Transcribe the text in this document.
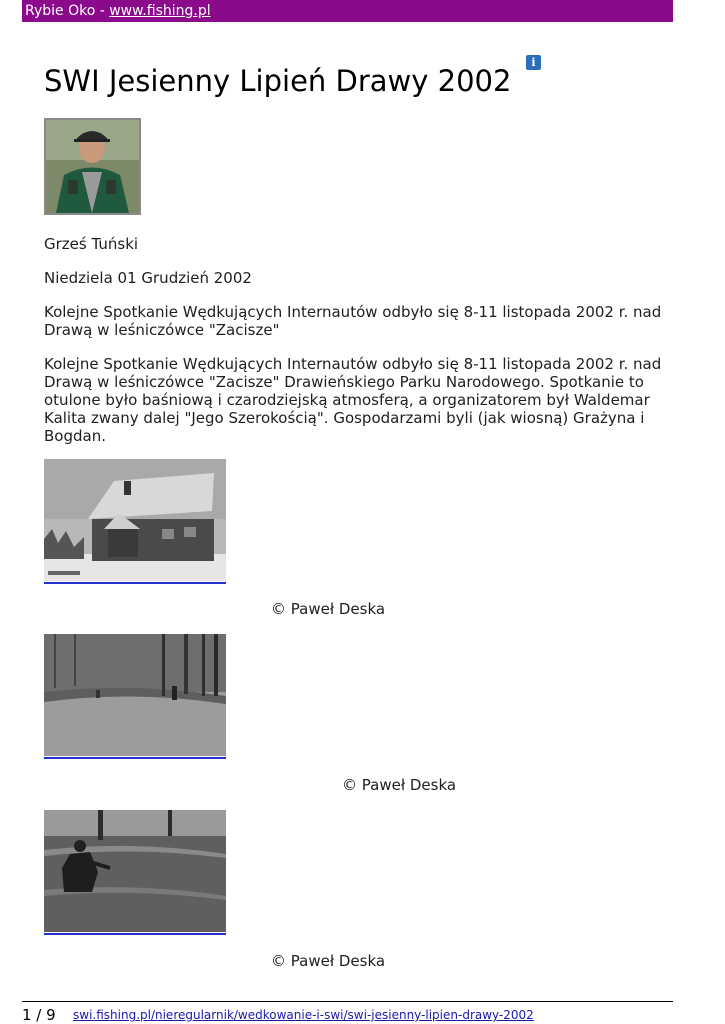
Rybie Oko - www.fishing.pl
SWI Jesienny Lipień Drawy 2002
i

Grześ Tuński

Niedziela 01 Grudzień 2002

Kolejne Spotkanie Wędkujących Internautów odbyło się 8-11 listopada 2002 r. nad Drawą w leśniczówce "Zacisze"

Kolejne Spotkanie Wędkujących Internautów odbyło się 8-11 listopada 2002 r. nad Drawą w leśniczówce "Zacisze" Drawieńskiego Parku Narodowego. Spotkanie to otulone było baśniową i czarodziejską atmosferą, a organizatorem był Waldemar Kalita zwany dalej "Jego Szerokością". Gospodarzami byli (jak wiosną) Grażyna i Bogdan.

© Paweł Deska
© Paweł Deska
© Paweł Deska
1 / 9 swi.fishing.pl/nieregularnik/wedkowanie-i-swi/swi-jesienny-lipien-drawy-2002
